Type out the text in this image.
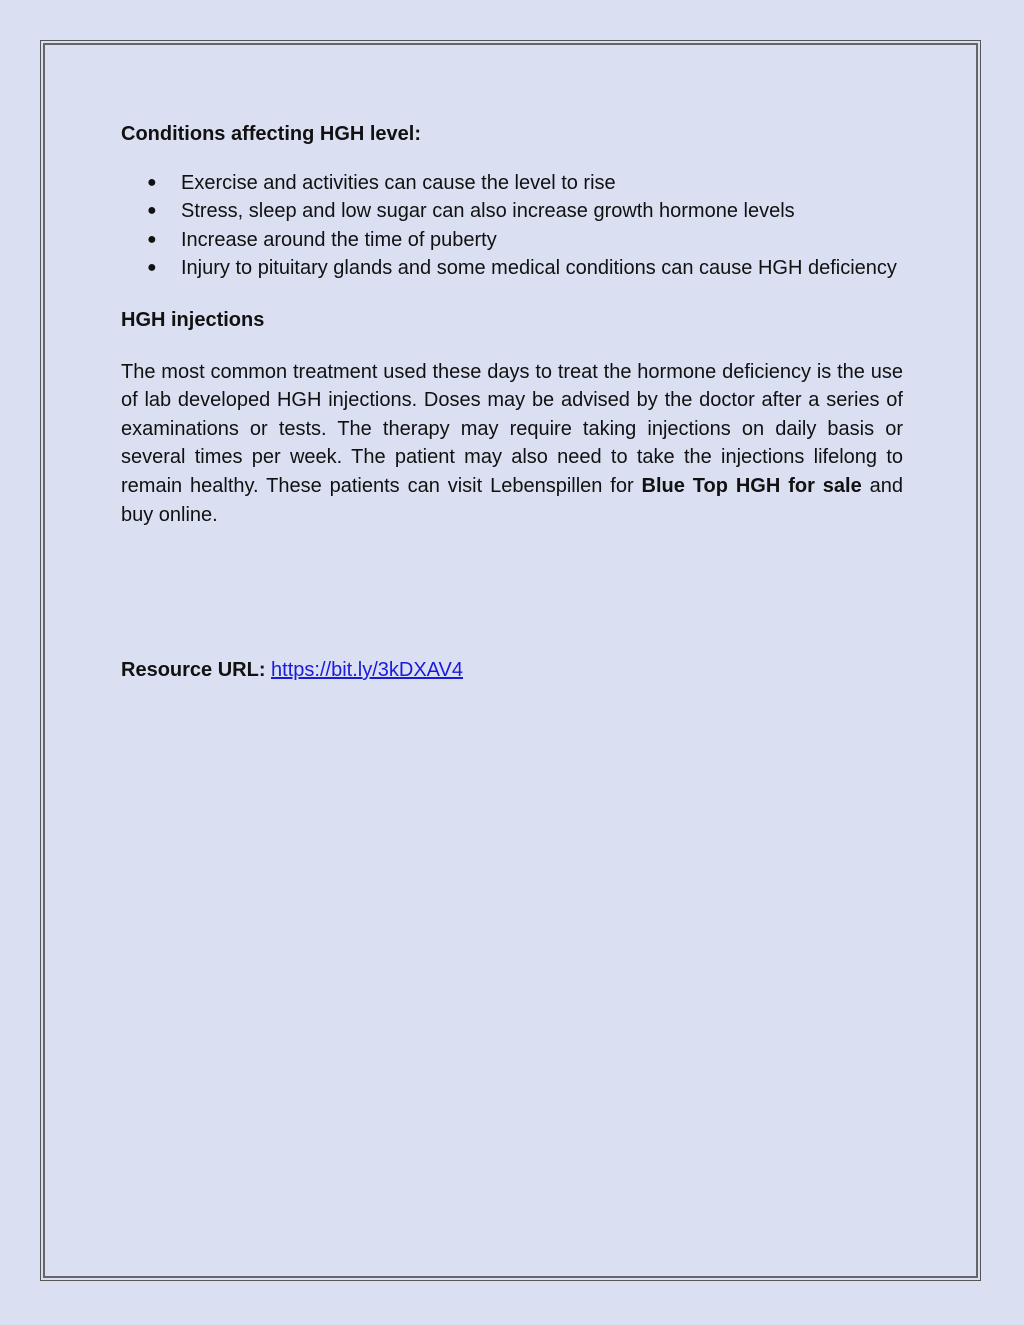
Conditions affecting HGH level:
● Exercise and activities can cause the level to rise
● Stress, sleep and low sugar can also increase growth hormone levels
● Increase around the time of puberty
● Injury to pituitary glands and some medical conditions can cause HGH deficiency
HGH injections

The most common treatment used these days to treat the hormone deficiency is the use of lab developed HGH injections. Doses may be advised by the doctor after a series of examinations or tests. The therapy may require taking injections on daily basis or several times per week. The patient may also need to take the injections lifelong to remain healthy. These patients can visit Lebenspillen for Blue Top HGH for sale and buy online.

Resource URL: https://bit.ly/3kDXAV4
